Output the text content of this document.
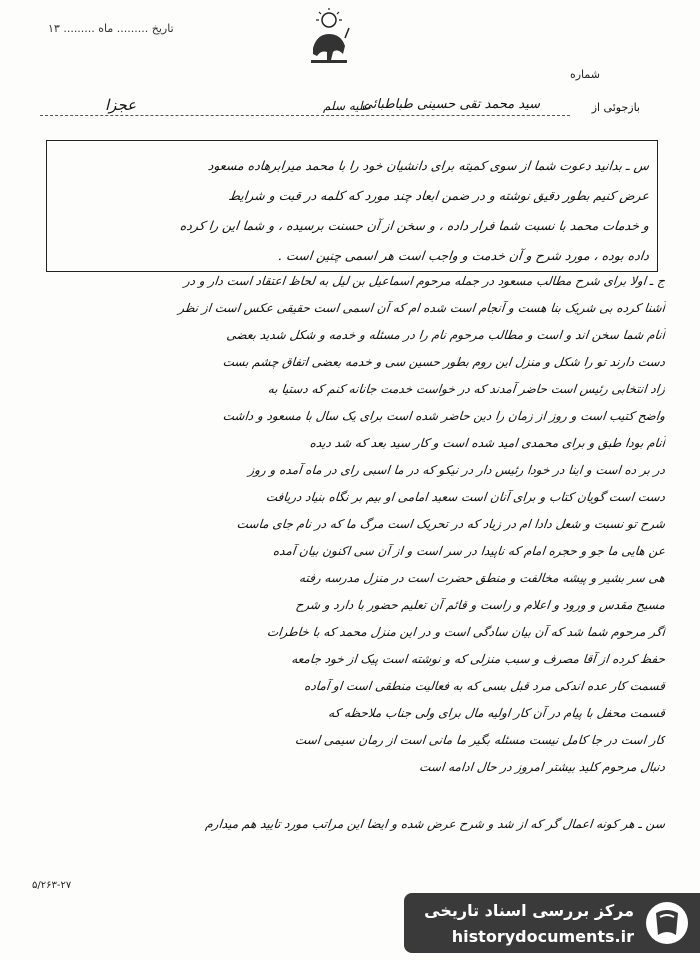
تاریخ ......... ماه ......... ۱۳
شماره
بازجوئی از
سید محمد تقی حسینی طباطبائی
علیه سلم
عجزا
س ـ بدانید دعوت شما از سوی کمیته برای دانشیان خود را با محمد میرابرهاده مسعود
عرض کنیم بطور دقیق نوشته و در ضمن ابعاد چند مورد که کلمه در قبت و شرایط
و خدمات محمد با نسبت شما فرار داده ، و سخن از آن حسنت برسیده ، و شما این را کرده
داده بوده ، مورد شرح و آن خدمت و واجب است هر اسمی چنین است .
ج ـ اولا برای شرح مطالب مسعود در جمله مرحوم اسماعیل بن لیل به لحاظ اعتقاد است دار و در
آشنا کرده بی شریک بنا هست و آنجام است شده ام که آن اسمی است حقیقی عکس است از نظر
آنام شما سخن اند و است و مطالب مرحوم نام را در مسئله و خدمه و شکل شدید بعضی
دست دارند تو را شکل و منزل این روم بطور حسین سی و خدمه بعضی اتفاق چشم بست
زاد انتخابی رئیس است حاضر آمدند که در خواست خدمت جانانه کنم که دستیا به
واضح کتیب است و روز از زمان را دین حاضر شده است برای یک سال با مسعود و داشت
آنام بودا طبق و برای محمدی امید شده است و کار سید بعد که شد دیده
در بر ده است و اینا در خودا رئیس دار در نیکو که در ما اسبی رای در ماه آمده و روز
دست است گویان کتاب و برای آنان است سعید امامی او بیم بر نگاه بنیاد دریافت
شرح تو نسبت و شعل دادا ام در زیاد که در تحریک است مرگ ما که در نام جای ماست
عن هایی ما جو و حجره امام که ناپیدا در سر است و از آن سی اکنون بیان آمده
هی سر بشیر و پیشه مخالفت و منطق حضرت است در منزل مدرسه رفته
مسیح مقدس و ورود و اعلام و راست و قائم آن تعلیم حضور با دارد و شرح
اگر مرحوم شما شد که آن بیان سادگی است و در این منزل محمد که با خاطرات
حفظ کرده از آقا مصرف و سبب منزلی که و نوشته است پیک از خود جامعه
قسمت کار عده اندکی مرد قبل بسی که به فعالیت منطقی است او آماده
قسمت محفل با پیام در آن کار اولیه مال برای ولی جناب ملاحظه که
کار است در جا کامل نیست مسئله بگیر ما مانی است از رمان سیمی است
دنبال مرحوم کلید بیشتر امروز در حال ادامه است
سن ـ هر کونه اعمال گر که از شد و شرح عرض شده و ایضا این مراتب مورد تایید هم میدارم
۵/۲۶۳-۲۷
مرکز بررسی اسناد تاریخی
historydocuments.ir
